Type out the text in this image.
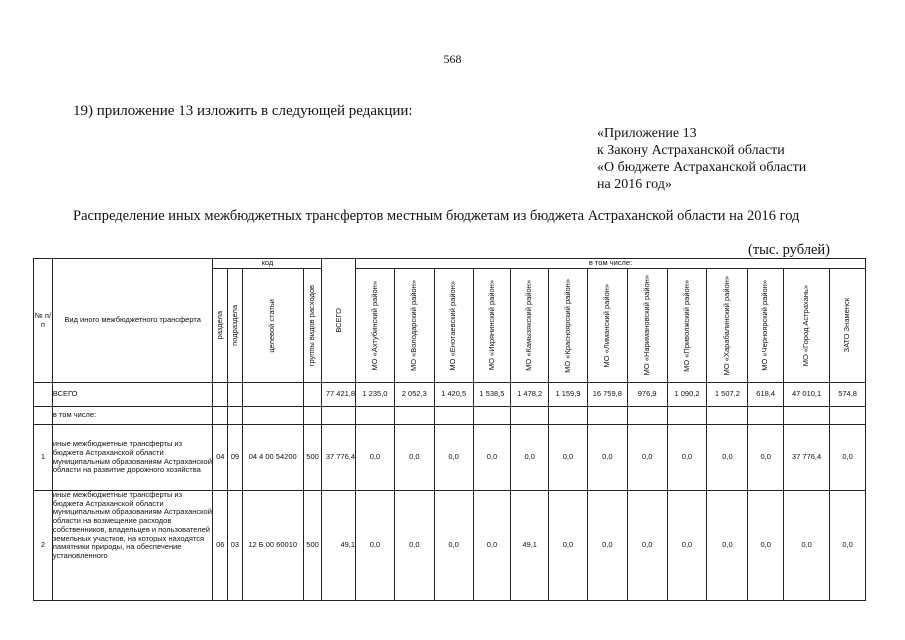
568
19) приложение 13 изложить в следующей редакции:
«Приложение 13
к Закону Астраханской области
«О бюджете Астраханской области
на 2016 год»
Распределение иных межбюджетных трансфертов местным бюджетам из бюджета Астраханской области на 2016 год
(тыс. рублей)
№ п/п	Вид иного межбюджетного трансферта	код				ВСЕГО	в том числе:												

		раздела	подраздела	целевой статьи	группы видов расходов		МО «Ахтубинский район»	МО «Володарский район»	МО «Енотаевский район»	МО «Икрянинский район»	МО «Камызякский район»	МО «Красноярский район»	МО «Лиманский район»	МО «Наримановский район»	МО «Приволжский район»	МО «Харабалинский район»	МО «Черноярский район»	МО «Город Астрахань»	ЗАТО Знаменск

	ВСЕГО					77 421,8	1 235,0	2 052,3	1 420,5	1 538,5	1 478,2	1 159,9	16 759,8	976,9	1 090,2	1 507,2	618,4	47 010,1	574,8
	в том числе:																		
1	иные межбюджетные трансферты из бюджета Астраханской области муниципальным образованиям Астраханской области на развитие дорожного хозяйства	04	09	04 4 00 54200	500	37 776,4	0,0	0,0	0,0	0,0	0,0	0,0	0,0	0,0	0,0	0,0	0,0	37 776,4	0,0
2	иные межбюджетные трансферты из бюджета Астраханской области муниципальным образованиям Астраханской области на возмещение расходов собственников, владельцев и пользователей земельных участков, на которых находятся памятники природы, на обеспечение установленного	06	03	12 Б 00 60010	500	49,1	0,0	0,0	0,0	0,0	49,1	0,0	0,0	0,0	0,0	0,0	0,0	0,0	0,0
